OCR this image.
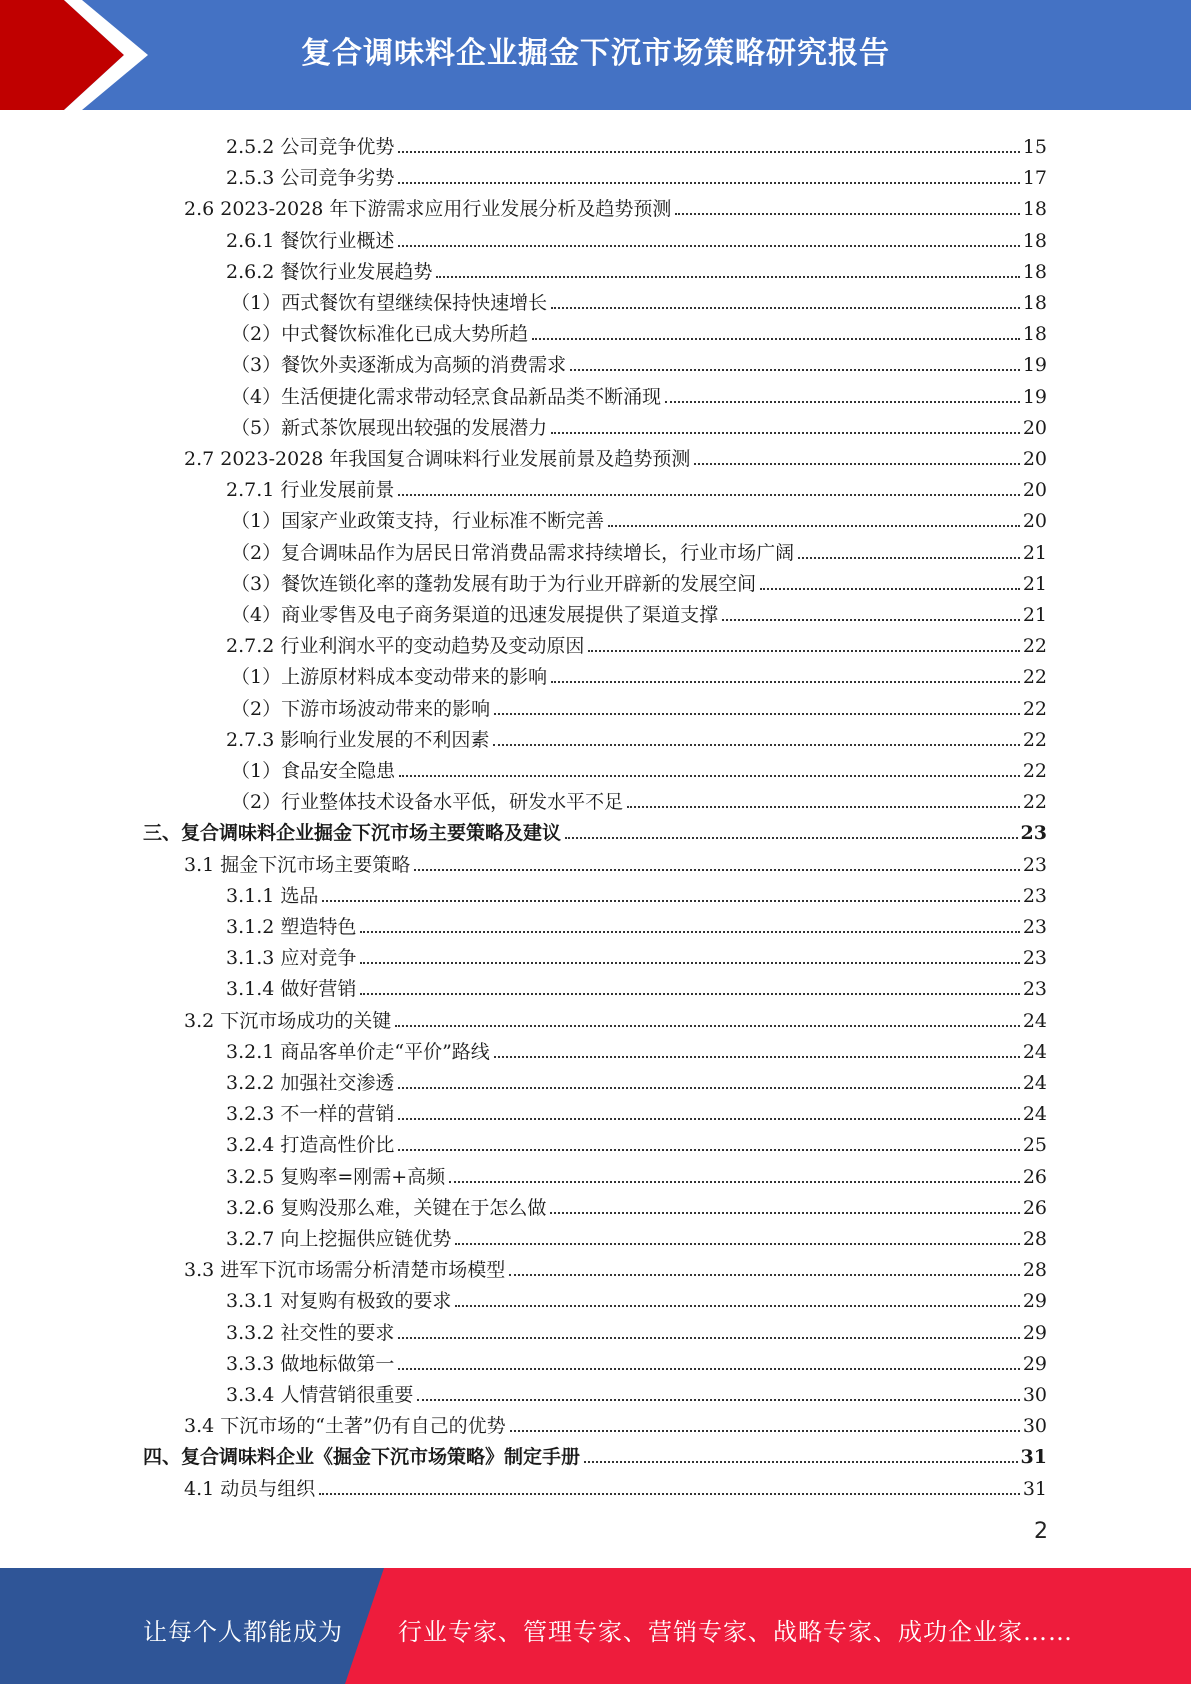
复合调味料企业掘金下沉市场策略研究报告
2.5.2 公司竞争优势	15
2.5.3 公司竞争劣势	17
2.6 2023-2028 年下游需求应用行业发展分析及趋势预测	18
2.6.1 餐饮行业概述	18
2.6.2 餐饮行业发展趋势	18
（1）西式餐饮有望继续保持快速增长	18
（2）中式餐饮标准化已成大势所趋	18
（3）餐饮外卖逐渐成为高频的消费需求	19
（4）生活便捷化需求带动轻烹食品新品类不断涌现	19
（5）新式茶饮展现出较强的发展潜力	20
2.7 2023-2028 年我国复合调味料行业发展前景及趋势预测	20
2.7.1 行业发展前景	20
（1）国家产业政策支持，行业标准不断完善	20
（2）复合调味品作为居民日常消费品需求持续增长，行业市场广阔	21
（3）餐饮连锁化率的蓬勃发展有助于为行业开辟新的发展空间	21
（4）商业零售及电子商务渠道的迅速发展提供了渠道支撑	21
2.7.2 行业利润水平的变动趋势及变动原因	22
（1）上游原材料成本变动带来的影响	22
（2）下游市场波动带来的影响	22
2.7.3 影响行业发展的不利因素	22
（1）食品安全隐患	22
（2）行业整体技术设备水平低，研发水平不足	22
三、复合调味料企业掘金下沉市场主要策略及建议	23
3.1 掘金下沉市场主要策略	23
3.1.1 选品	23
3.1.2 塑造特色	23
3.1.3 应对竞争	23
3.1.4 做好营销	23
3.2 下沉市场成功的关键	24
3.2.1 商品客单价走“平价”路线	24
3.2.2 加强社交渗透	24
3.2.3 不一样的营销	24
3.2.4 打造高性价比	25
3.2.5 复购率=刚需+高频	26
3.2.6 复购没那么难，关键在于怎么做	26
3.2.7 向上挖掘供应链优势	28
3.3 进军下沉市场需分析清楚市场模型	28
3.3.1 对复购有极致的要求	29
3.3.2 社交性的要求	29
3.3.3 做地标做第一	29
3.3.4 人情营销很重要	30
3.4 下沉市场的“土著”仍有自己的优势	30
四、复合调味料企业《掘金下沉市场策略》制定手册	31
4.1 动员与组织	31
2
让每个人都能成为 行业专家、管理专家、营销专家、战略专家、成功企业家……
